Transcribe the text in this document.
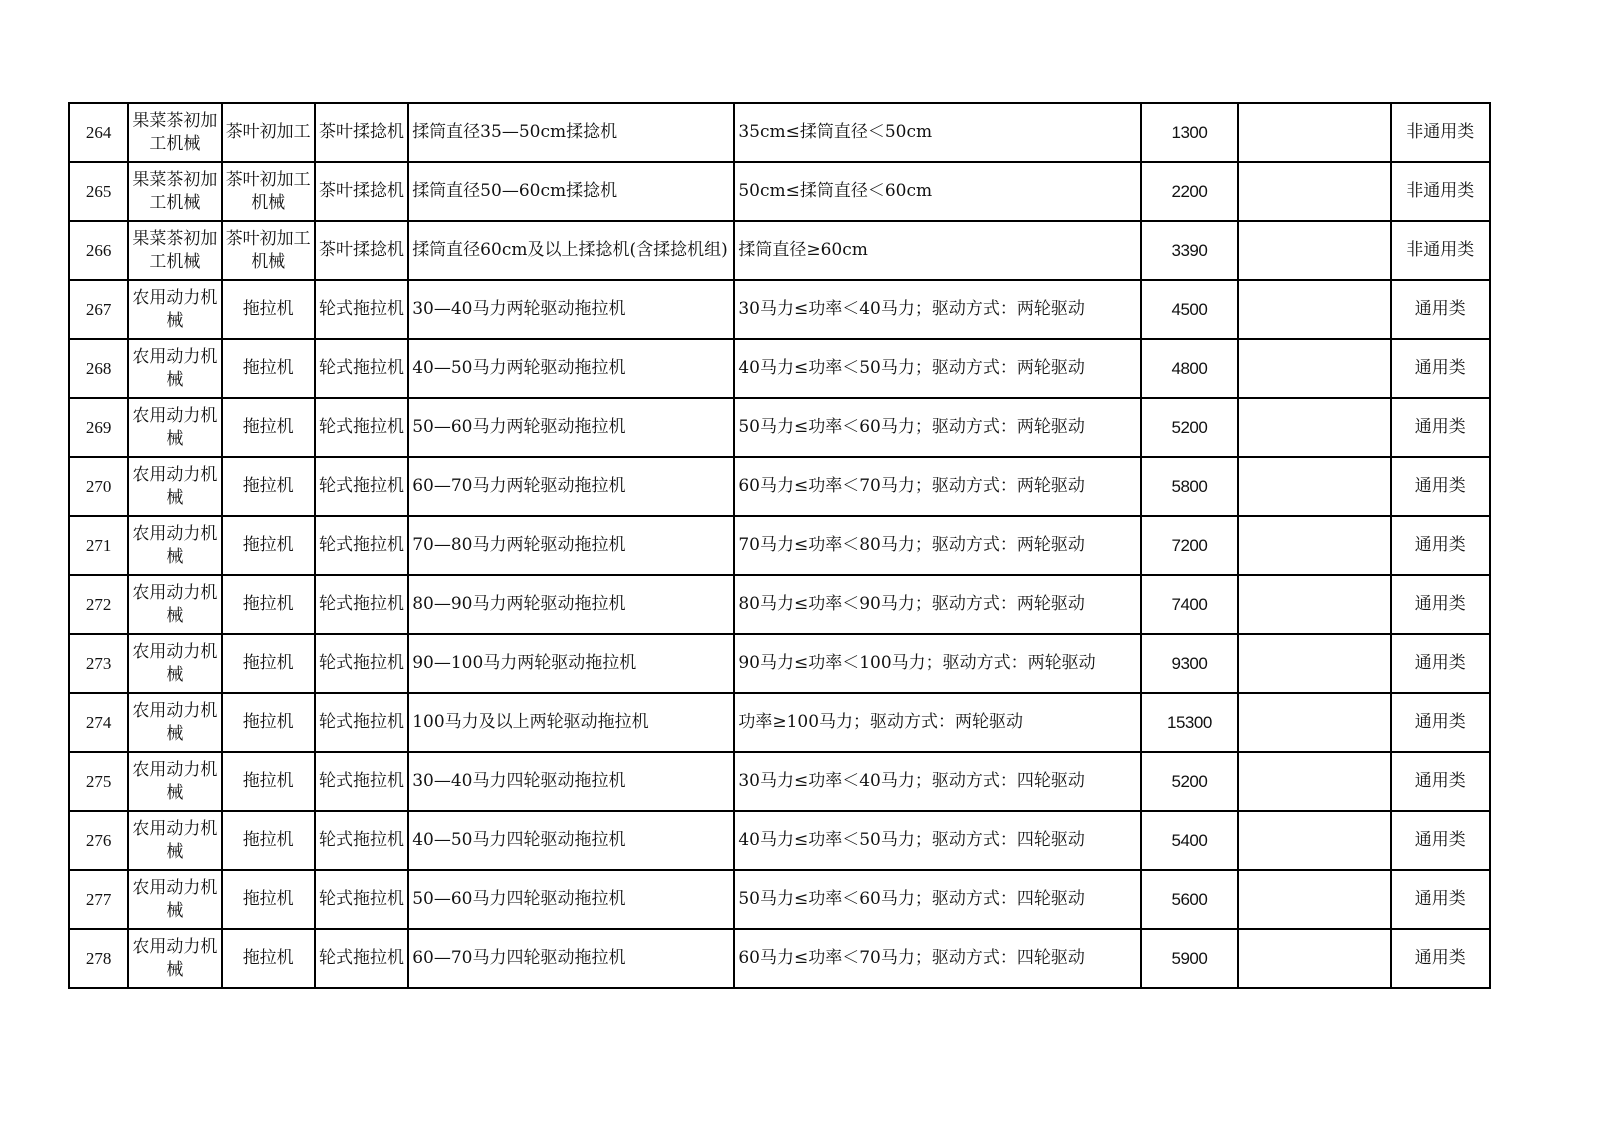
264	果菜茶初加工机械	茶叶初加工	茶叶揉捻机	揉筒直径35—50cm揉捻机	35cm≤揉筒直径＜50cm	1300		非通用类
265	果菜茶初加工机械	茶叶初加工机械	茶叶揉捻机	揉筒直径50—60cm揉捻机	50cm≤揉筒直径＜60cm	2200		非通用类
266	果菜茶初加工机械	茶叶初加工机械	茶叶揉捻机	揉筒直径60cm及以上揉捻机(含揉捻机组)	揉筒直径≥60cm	3390		非通用类
267	农用动力机械	拖拉机	轮式拖拉机	30—40马力两轮驱动拖拉机	30马力≤功率＜40马力；驱动方式：两轮驱动	4500		通用类
268	农用动力机械	拖拉机	轮式拖拉机	40—50马力两轮驱动拖拉机	40马力≤功率＜50马力；驱动方式：两轮驱动	4800		通用类
269	农用动力机械	拖拉机	轮式拖拉机	50—60马力两轮驱动拖拉机	50马力≤功率＜60马力；驱动方式：两轮驱动	5200		通用类
270	农用动力机械	拖拉机	轮式拖拉机	60—70马力两轮驱动拖拉机	60马力≤功率＜70马力；驱动方式：两轮驱动	5800		通用类
271	农用动力机械	拖拉机	轮式拖拉机	70—80马力两轮驱动拖拉机	70马力≤功率＜80马力；驱动方式：两轮驱动	7200		通用类
272	农用动力机械	拖拉机	轮式拖拉机	80—90马力两轮驱动拖拉机	80马力≤功率＜90马力；驱动方式：两轮驱动	7400		通用类
273	农用动力机械	拖拉机	轮式拖拉机	90—100马力两轮驱动拖拉机	90马力≤功率＜100马力；驱动方式：两轮驱动	9300		通用类
274	农用动力机械	拖拉机	轮式拖拉机	100马力及以上两轮驱动拖拉机	功率≥100马力；驱动方式：两轮驱动	15300		通用类
275	农用动力机械	拖拉机	轮式拖拉机	30—40马力四轮驱动拖拉机	30马力≤功率＜40马力；驱动方式：四轮驱动	5200		通用类
276	农用动力机械	拖拉机	轮式拖拉机	40—50马力四轮驱动拖拉机	40马力≤功率＜50马力；驱动方式：四轮驱动	5400		通用类
277	农用动力机械	拖拉机	轮式拖拉机	50—60马力四轮驱动拖拉机	50马力≤功率＜60马力；驱动方式：四轮驱动	5600		通用类
278	农用动力机械	拖拉机	轮式拖拉机	60—70马力四轮驱动拖拉机	60马力≤功率＜70马力；驱动方式：四轮驱动	5900		通用类
